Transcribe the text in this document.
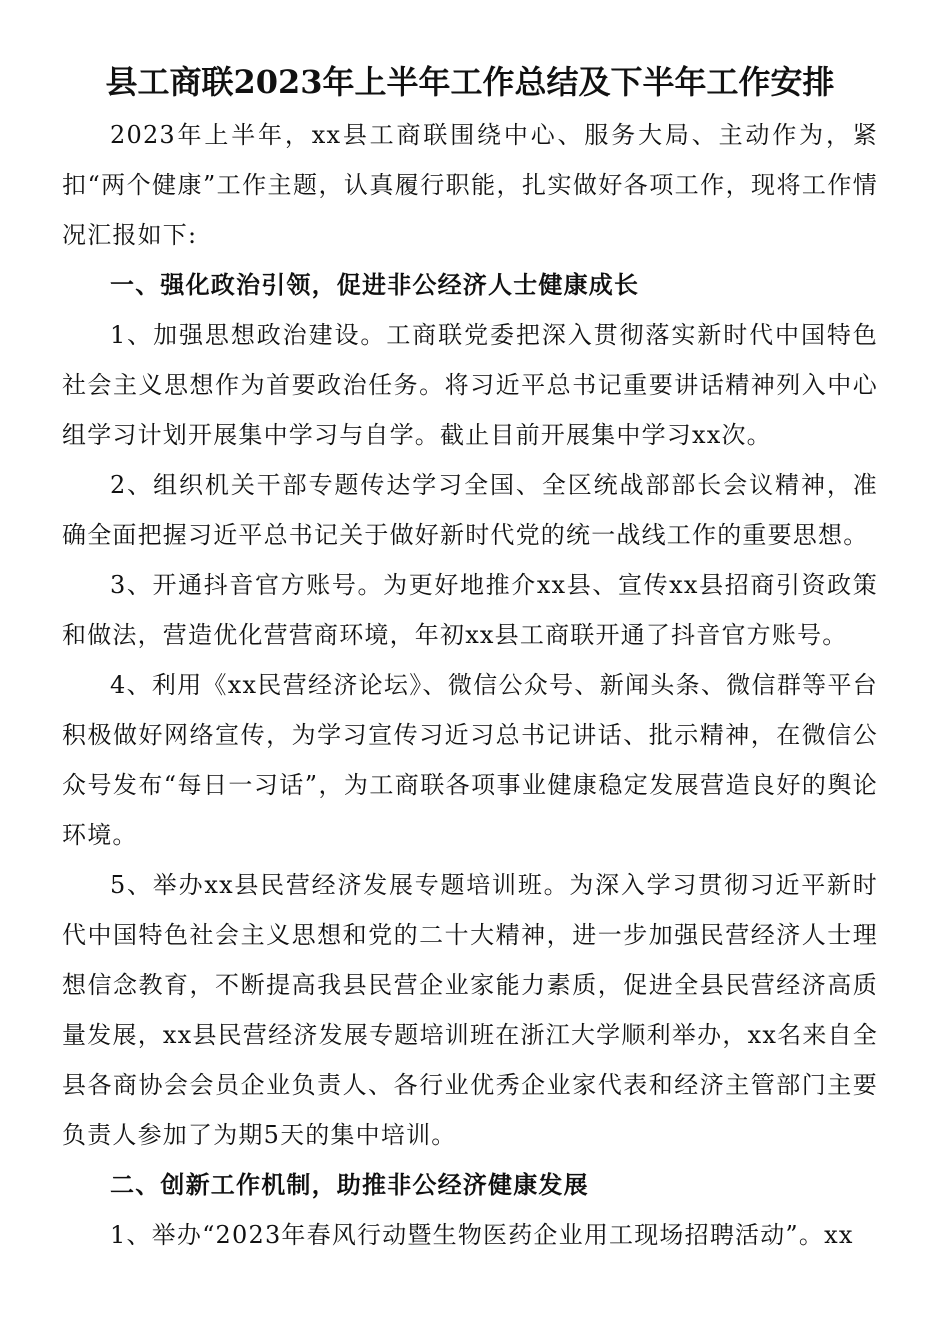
县工商联2023年上半年工作总结及下半年工作安排

2023年上半年，xx县工商联围绕中心、服务大局、主动作为，紧扣“两个健康”工作主题，认真履行职能，扎实做好各项工作，现将工作情况汇报如下:

一、强化政治引领，促进非公经济人士健康成长

1、加强思想政治建设。工商联党委把深入贯彻落实新时代中国特色社会主义思想作为首要政治任务。将习近平总书记重要讲话精神列入中心组学习计划开展集中学习与自学。截止目前开展集中学习xx次。

2、组织机关干部专题传达学习全国、全区统战部部长会议精神，准确全面把握习近平总书记关于做好新时代党的统一战线工作的重要思想。

3、开通抖音官方账号。为更好地推介xx县、宣传xx县招商引资政策和做法，营造优化营营商环境，年初xx县工商联开通了抖音官方账号。

4、利用《xx民营经济论坛》、微信公众号、新闻头条、微信群等平台积极做好网络宣传，为学习宣传习近习总书记讲话、批示精神，在微信公众号发布“每日一习话”，为工商联各项事业健康稳定发展营造良好的舆论环境。

5、举办xx县民营经济发展专题培训班。为深入学习贯彻习近平新时代中国特色社会主义思想和党的二十大精神，进一步加强民营经济人士理想信念教育，不断提高我县民营企业家能力素质，促进全县民营经济高质量发展，xx县民营经济发展专题培训班在浙江大学顺利举办，xx名来自全县各商协会会员企业负责人、各行业优秀企业家代表和经济主管部门主要负责人参加了为期5天的集中培训。

二、创新工作机制，助推非公经济健康发展

1、举办“2023年春风行动暨生物医药企业用工现场招聘活动”。xx
